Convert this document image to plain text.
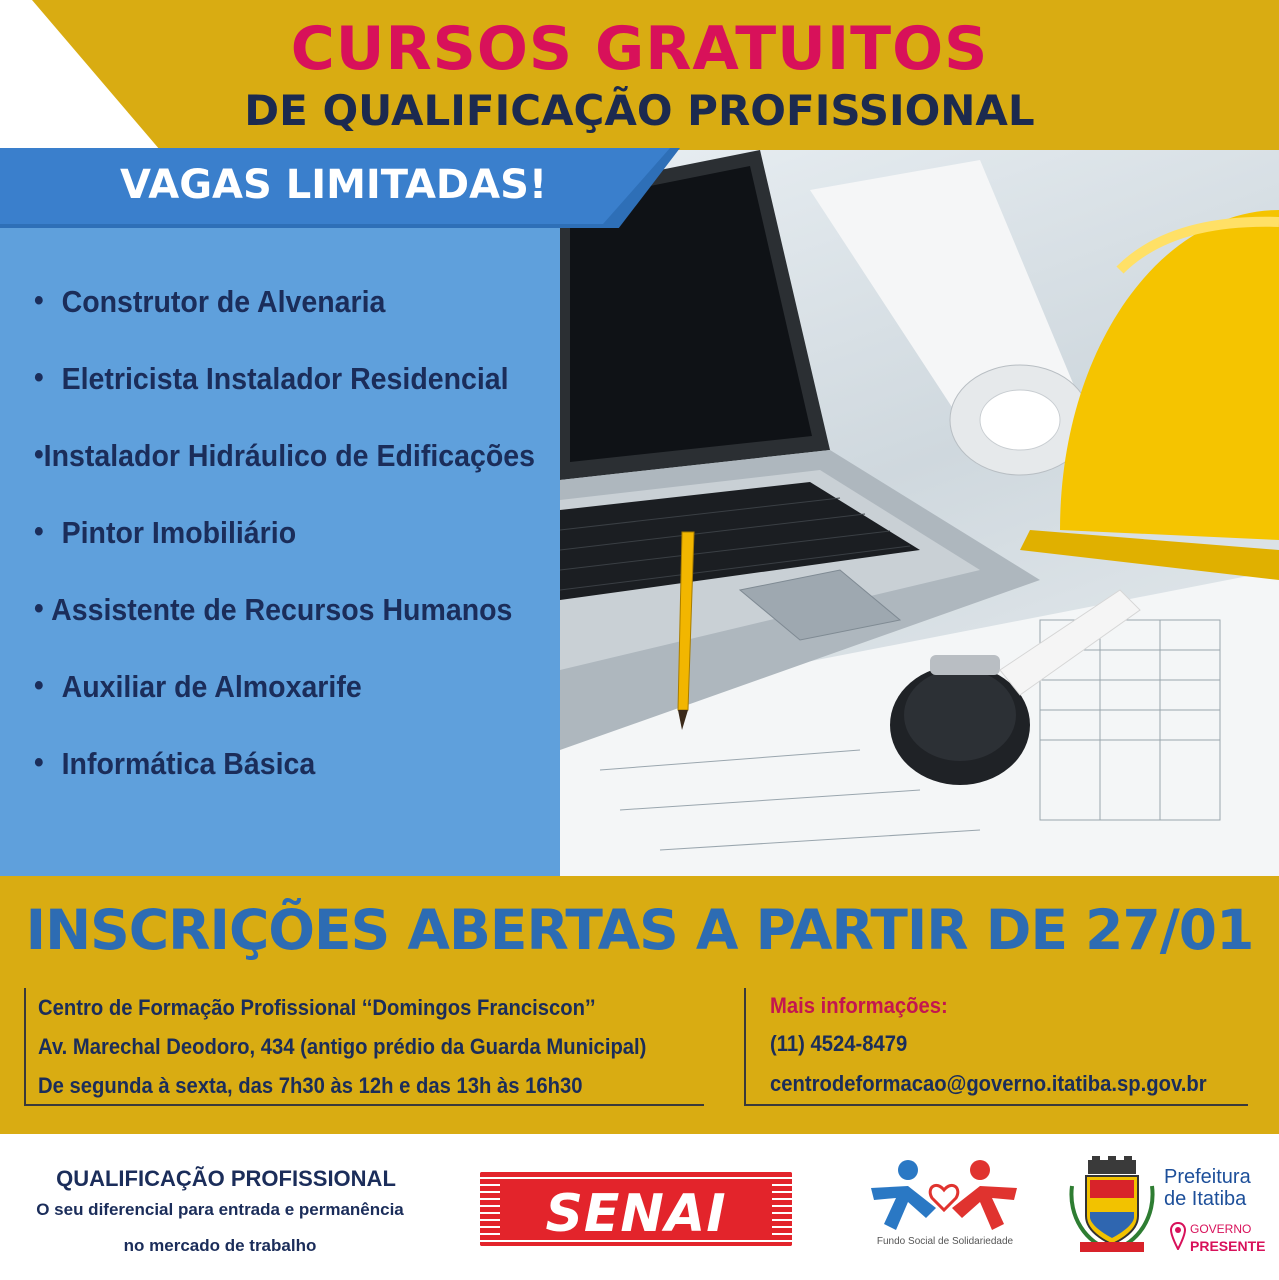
CURSOS GRATUITOS
DE QUALIFICAÇÃO PROFISSIONAL
VAGAS LIMITADAS!
• Construtor de Alvenaria
• Eletricista Instalador Residencial
• Instalador Hidráulico de Edificações
• Pintor Imobiliário
• Assistente de Recursos Humanos
• Auxiliar de Almoxarife
• Informática Básica
INSCRIÇÕES ABERTAS A PARTIR DE 27/01
Centro de Formação Profissional ‘‘Domingos Franciscon’’
Av. Marechal Deodoro, 434 (antigo prédio da Guarda Municipal)
De segunda à sexta, das 7h30 às 12h e das 13h às 16h30
Mais informações:
(11) 4524-8479
centrodeformacao@governo.itatiba.sp.gov.br
QUALIFICAÇÃO PROFISSIONAL
O seu diferencial para entrada e permanência
no mercado de trabalho
SENAI	Fundo Social de Solidariedade
Prefeitura
de Itatiba
GOVERNO
PRESENTE
